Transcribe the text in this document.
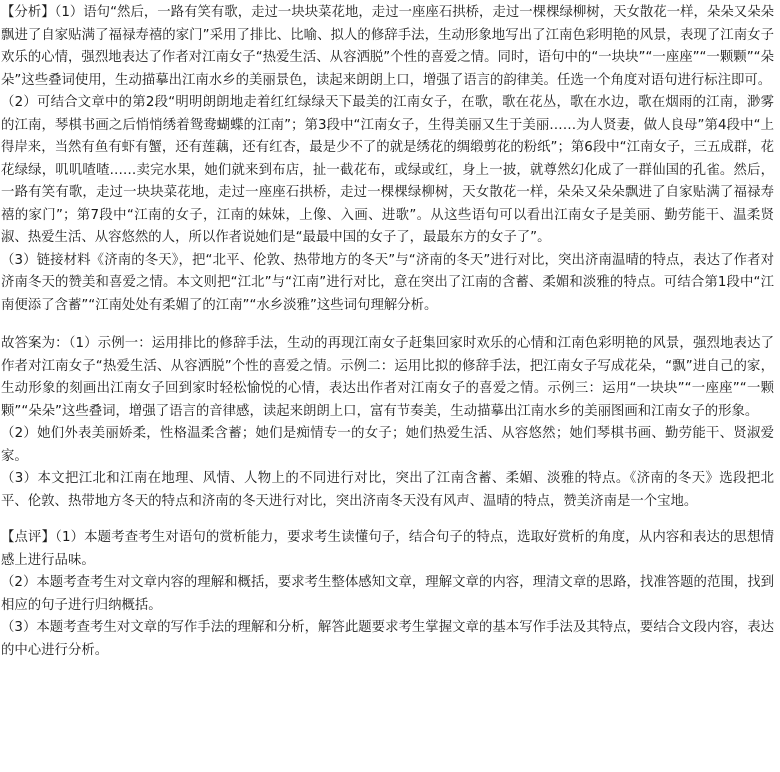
【分析】（1）语句“然后，一路有笑有歌，走过一块块菜花地，走过一座座石拱桥，走过一棵棵绿柳树，天女散花一样，朵朵又朵朵飘进了自家贴满了福禄寿禧的家门”采用了排比、比喻、拟人的修辞手法，生动形象地写出了江南色彩明艳的风景，表现了江南女子欢乐的心情，强烈地表达了作者对江南女子“热爱生活、从容洒脱”个性的喜爱之情。同时，语句中的“一块块”“一座座”“一颗颗”“朵朵”这些叠词使用，生动描摹出江南水乡的美丽景色，读起来朗朗上口，增强了语言的韵律美。任选一个角度对语句进行标注即可。

（2）可结合文章中的第2段“明明朗朗地走着红红绿绿天下最美的江南女子，在歌，歌在花丛，歌在水边，歌在烟雨的江南，渺雾的江南，琴棋书画之后悄悄绣着鸳鸯蝴蝶的江南”；第3段中“江南女子，生得美丽又生于美丽……为人贤妻，做人良母”第4段中“上得岸来，当然有鱼有虾有蟹，还有莲藕，还有红杏，最是少不了的就是绣花的绸缎剪花的粉纸”；第6段中“江南女子，三五成群，花花绿绿，叽叽喳喳……卖完水果，她们就来到布店，扯一截花布，或绿或红，身上一披，就尊然幻化成了一群仙国的孔雀。然后，一路有笑有歌，走过一块块菜花地，走过一座座石拱桥，走过一棵棵绿柳树，天女散花一样，朵朵又朵朵飘进了自家贴满了福禄寿禧的家门”；第7段中“江南的女子，江南的妹妹，上像、入画、进歌”。从这些语句可以看出江南女子是美丽、勤劳能干、温柔贤淑、热爱生活、从容悠然的人，所以作者说她们是“最最中国的女子了，最最东方的女子了”。

（3）链接材料《济南的冬天》，把“北平、伦敦、热带地方的冬天”与“济南的冬天”进行对比，突出济南温晴的特点，表达了作者对济南冬天的赞美和喜爱之情。本文则把“江北”与“江南”进行对比，意在突出了江南的含蓄、柔媚和淡雅的特点。可结合第1段中“江南便添了含蓄”“江南处处有柔媚了的江南”“水乡淡雅”这些词句理解分析。

故答案为：（1）示例一：运用排比的修辞手法，生动的再现江南女子赶集回家时欢乐的心情和江南色彩明艳的风景，强烈地表达了作者对江南女子“热爱生活、从容洒脱”个性的喜爱之情。示例二：运用比拟的修辞手法，把江南女子写成花朵，“飘”进自己的家，生动形象的刻画出江南女子回到家时轻松愉悦的心情，表达出作者对江南女子的喜爱之情。示例三：运用“一块块”“一座座”“一颗颗”“朵朵”这些叠词，增强了语言的音律感，读起来朗朗上口，富有节奏美，生动描摹出江南水乡的美丽图画和江南女子的形象。

（2）她们外表美丽娇柔，性格温柔含蓄；她们是痴情专一的女子；她们热爱生活、从容悠然；她们琴棋书画、勤劳能干、贤淑爱家。

（3）本文把江北和江南在地理、风情、人物上的不同进行对比，突出了江南含蓄、柔媚、淡雅的特点。《济南的冬天》选段把北平、伦敦、热带地方冬天的特点和济南的冬天进行对比，突出济南冬天没有风声、温晴的特点，赞美济南是一个宝地。

【点评】（1）本题考查考生对语句的赏析能力，要求考生读懂句子，结合句子的特点，选取好赏析的角度，从内容和表达的思想情感上进行品味。

（2）本题考查考生对文章内容的理解和概括，要求考生整体感知文章，理解文章的内容，理清文章的思路，找准答题的范围，找到相应的句子进行归纳概括。

（3）本题考查考生对文章的写作手法的理解和分析，解答此题要求考生掌握文章的基本写作手法及其特点，要结合文段内容，表达的中心进行分析。
